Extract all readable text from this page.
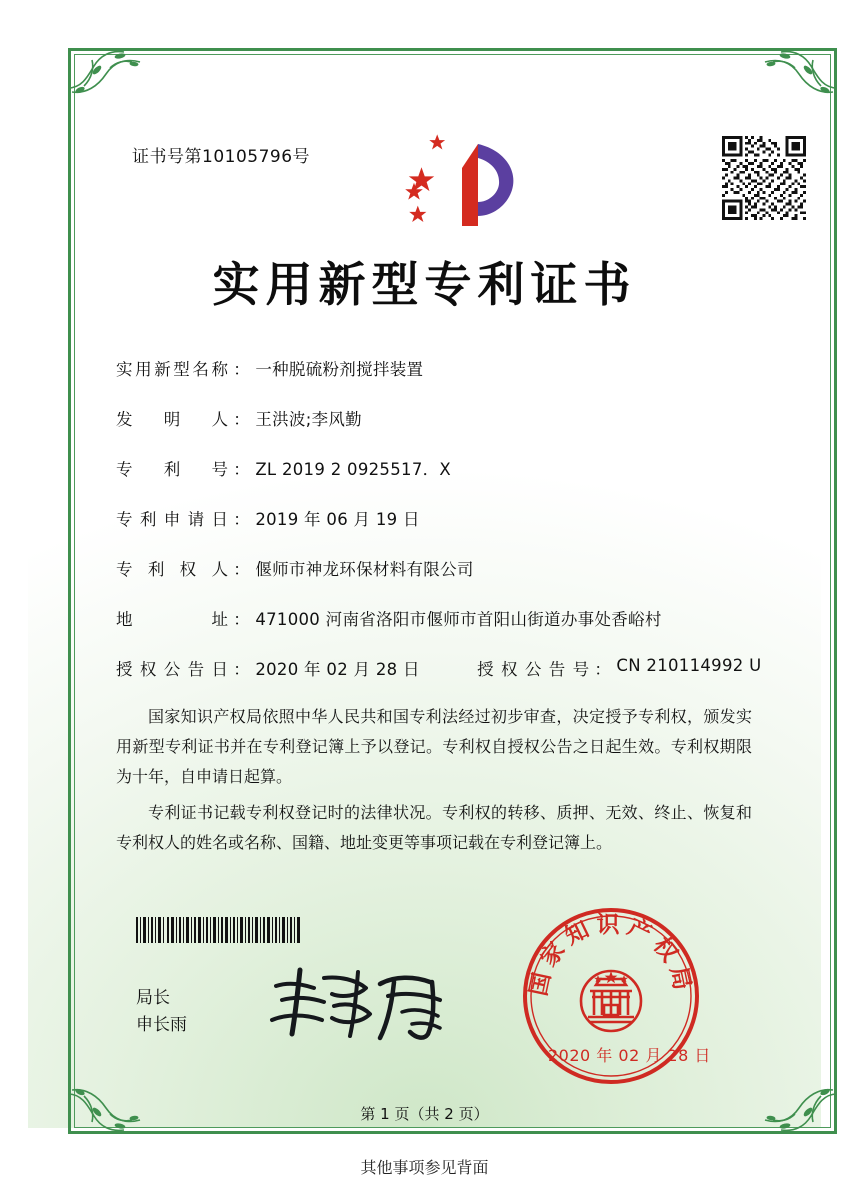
证书号第10105796号
实用新型专利证书
实用新型名称 ： 一种脱硫粉剂搅拌装置
发明人 ： 王洪波;李风勤
专利号 ： ZL 2019 2 0925517．X
专利申请日 ： 2019 年 06 月 19 日
专利权人 ： 偃师市神龙环保材料有限公司
地址 ： 471000 河南省洛阳市偃师市首阳山街道办事处香峪村
授权公告日 ： 2020 年 02 月 28 日	授权公告号 ： CN 210114992 U

国家知识产权局依照中华人民共和国专利法经过初步审查，决定授予专利权，颁发实用新型专利证书并在专利登记簿上予以登记。专利权自授权公告之日起生效。专利权期限为十年，自申请日起算。

专利证书记载专利权登记时的法律状况。专利权的转移、质押、无效、终止、恢复和专利权人的姓名或名称、国籍、地址变更等事项记载在专利登记簿上。

局长
申长雨
国家知识产权局
2020 年 02 月 28 日
第 1 页（共 2 页）
其他事项参见背面
